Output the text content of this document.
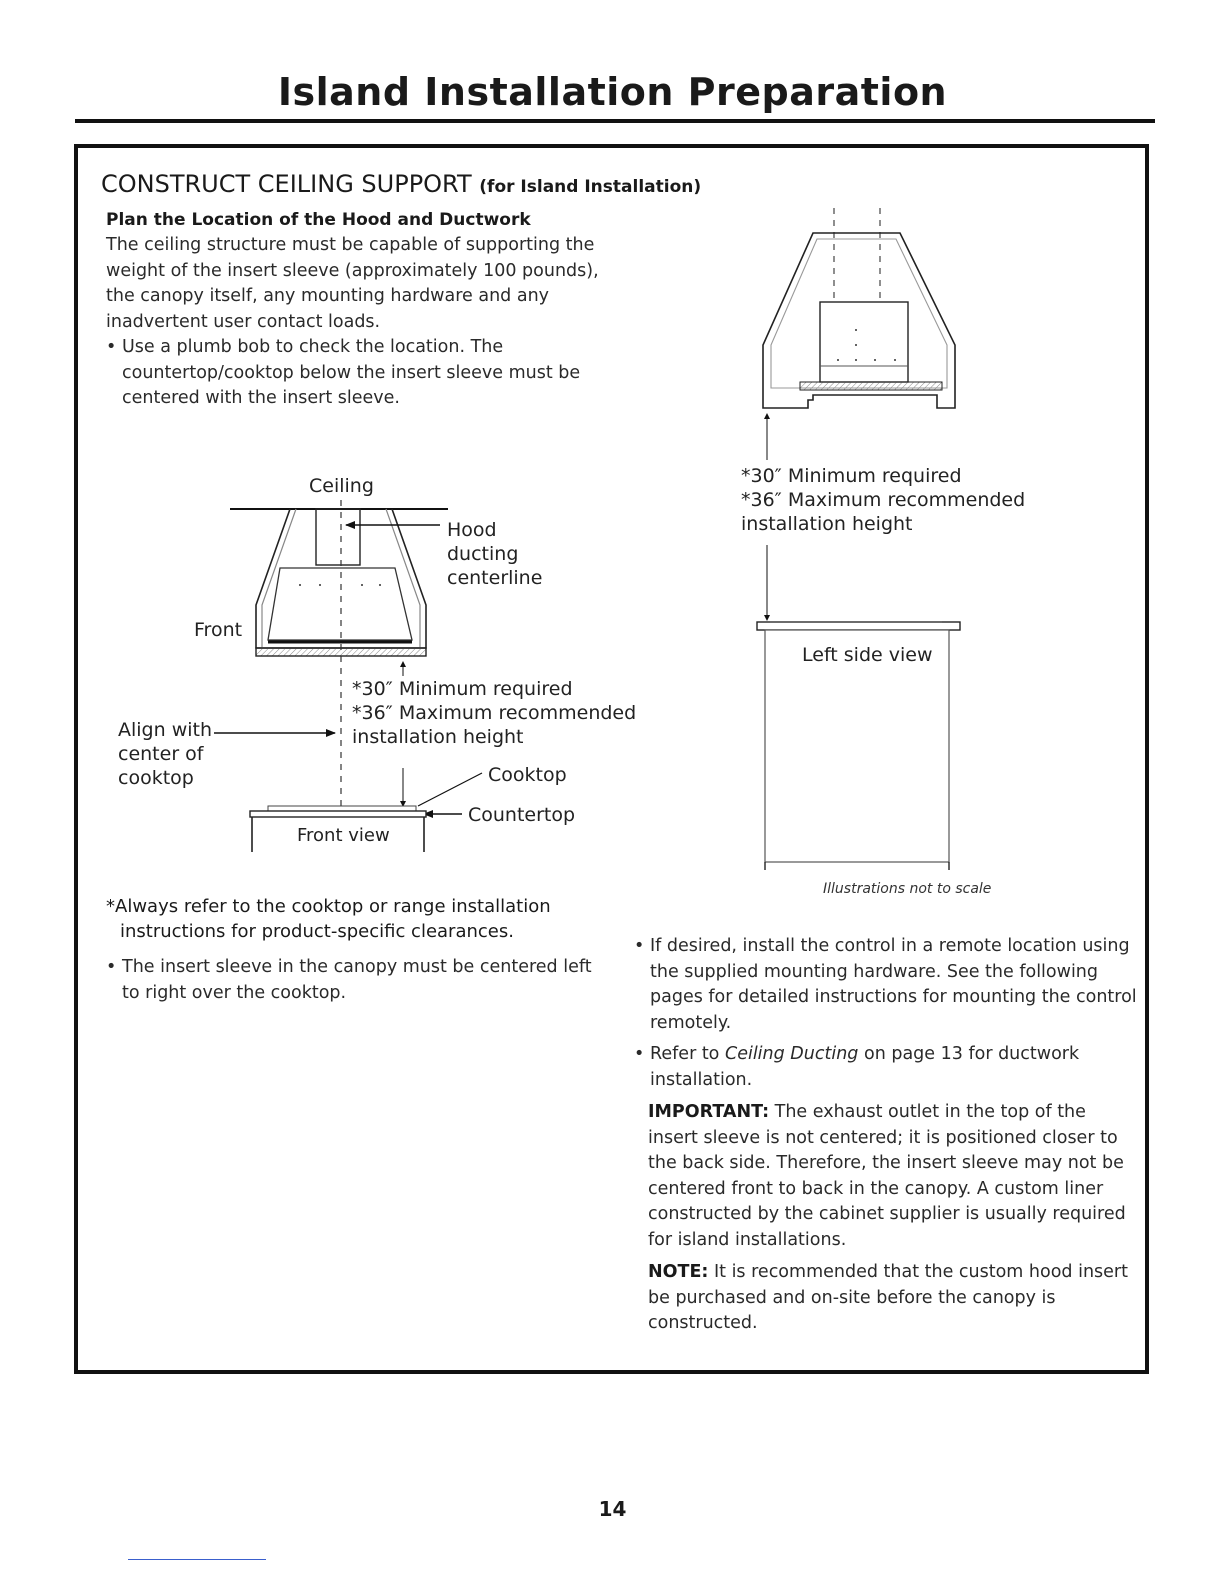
Island Installation Preparation
CONSTRUCT CEILING SUPPORT (for Island Installation)
Plan the Location of the Hood and Ductwork

The ceiling structure must be capable of supporting the weight of the insert sleeve (approximately 100 pounds), the canopy itself, any mounting hardware and any inadvertent user contact loads.

• Use a plumb bob to check the location. The countertop/cooktop below the insert sleeve must be centered with the insert sleeve.

Ceiling
Hood
ducting
centerline
Front
*30″ Minimum required
*36″ Maximum recommended
installation height
Align with
center of
cooktop	Cooktop
Countertop
Front view
*30″ Minimum required
*36″ Maximum recommended
installation height
Left side view

Illustrations not to scale

*Always refer to the cooktop or range installation
instructions for product-specific clearances.

• The insert sleeve in the canopy must be centered left to right over the cooktop.

• If desired, install the control in a remote location using the supplied mounting hardware. See the following pages for detailed instructions for mounting the control remotely.

• Refer to Ceiling Ducting on page 13 for ductwork installation.

IMPORTANT: The exhaust outlet in the top of the insert sleeve is not centered; it is positioned closer to the back side. Therefore, the insert sleeve may not be centered front to back in the canopy. A custom liner constructed by the cabinet supplier is usually required for island installations.

NOTE: It is recommended that the custom hood insert be purchased and on-site before the canopy is constructed.

14
